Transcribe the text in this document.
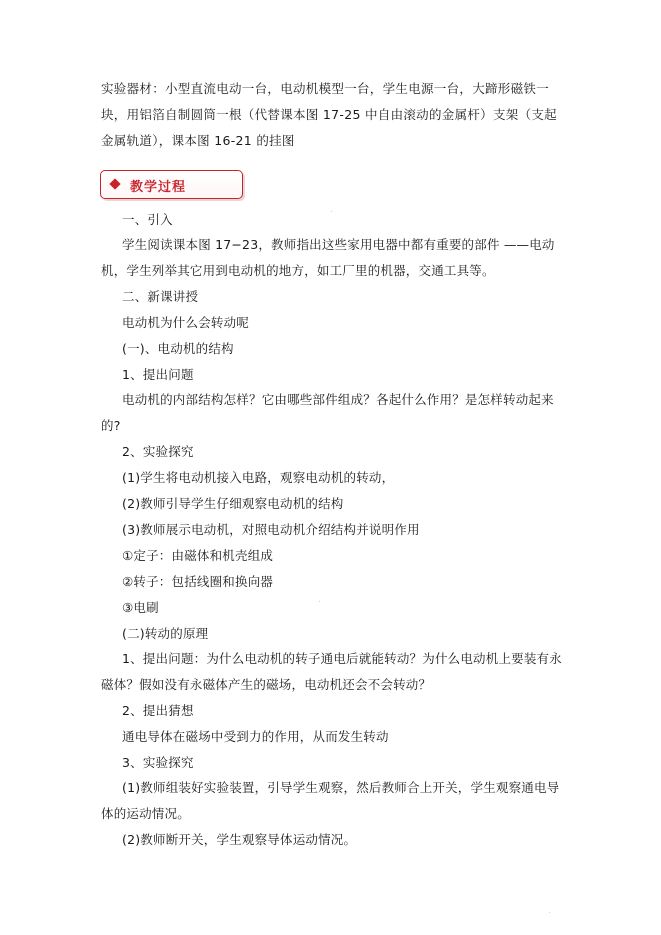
实验器材：小型直流电动一台，电动机模型一台，学生电源一台，大蹄形磁铁一块，用铝箔自制圆筒一根（代替课本图 17-25 中自由滚动的金属杆）支架（支起金属轨道），课本图 16-21 的挂图
教学过程
一、引入
学生阅读课本图 17−23，教师指出这些家用电器中都有重要的部件 ——电动机，学生列举其它用到电动机的地方，如工厂里的机器，交通工具等。
二、新课讲授
电动机为什么会转动呢
(一)、电动机的结构
1、提出问题
电动机的内部结构怎样？它由哪些部件组成？各起什么作用？是怎样转动起来的?
2、实验探究
(1)学生将电动机接入电路，观察电动机的转动，
(2)教师引导学生仔细观察电动机的结构
(3)教师展示电动机，对照电动机介绍结构并说明作用
①定子：由磁体和机壳组成
②转子：包括线圈和换向器
③电刷
(二)转动的原理
1、提出问题：为什么电动机的转子通电后就能转动？为什么电动机上要装有永磁体？假如没有永磁体产生的磁场，电动机还会不会转动？
2、提出猜想
通电导体在磁场中受到力的作用，从而发生转动
3、实验探究
(1)教师组装好实验装置，引导学生观察，然后教师合上开关，学生观察通电导体的运动情况。
(2)教师断开关，学生观察导体运动情况。
·
·
·
